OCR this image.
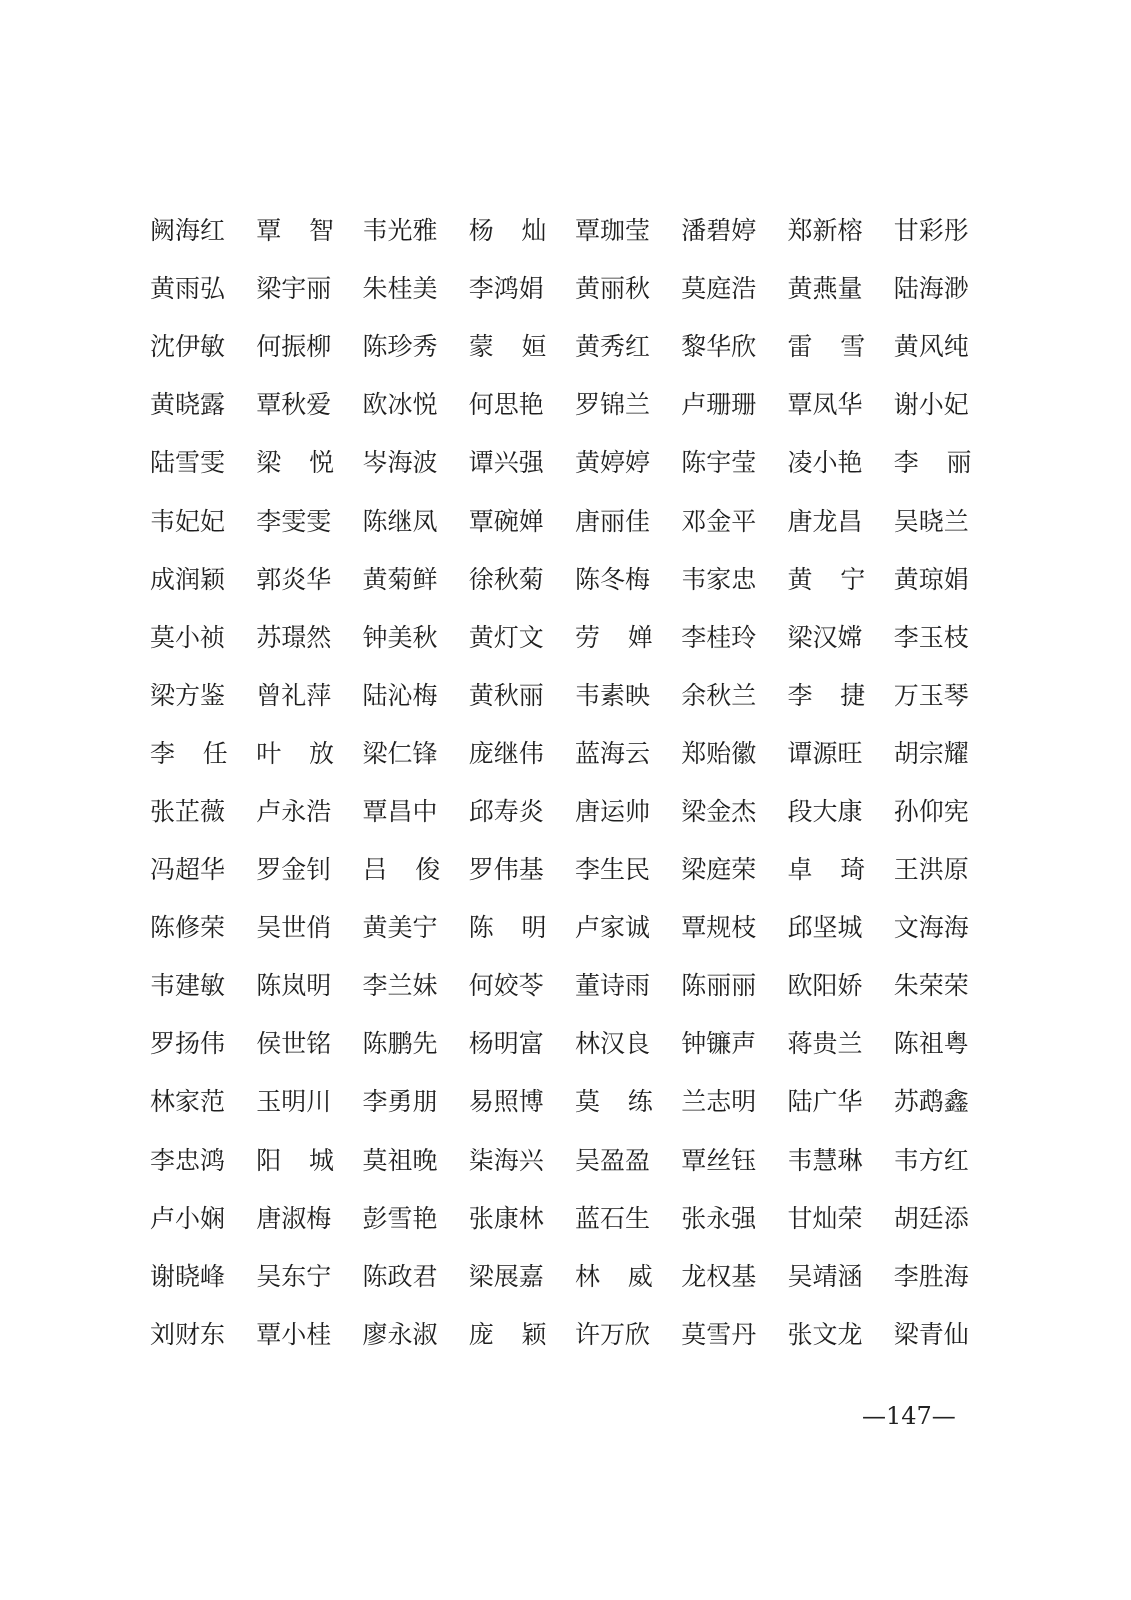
阙海红 覃 智 韦光雅 杨 灿 覃珈莹 潘碧婷 郑新榕 甘彩彤
黄雨弘 梁宇丽 朱桂美 李鸿娟 黄丽秋 莫庭浩 黄燕量 陆海渺
沈伊敏 何振柳 陈珍秀 蒙 姮 黄秀红 黎华欣 雷 雪 黄风纯
黄晓露 覃秋爱 欧冰悦 何思艳 罗锦兰 卢珊珊 覃凤华 谢小妃
陆雪雯 梁 悦 岑海波 谭兴强 黄婷婷 陈宇莹 凌小艳 李 丽
韦妃妃 李雯雯 陈继凤 覃碗婵 唐丽佳 邓金平 唐龙昌 吴晓兰
成润颖 郭炎华 黄菊鲜 徐秋菊 陈冬梅 韦家忠 黄 宁 黄琼娟
莫小祯 苏璟然 钟美秋 黄灯文 劳 婵 李桂玲 梁汉嫦 李玉枝
梁方鉴 曾礼萍 陆沁梅 黄秋丽 韦素映 余秋兰 李 捷 万玉琴
李 任 叶 放 梁仁锋 庞继伟 蓝海云 郑贻徽 谭源旺 胡宗耀
张芷薇 卢永浩 覃昌中 邱寿炎 唐运帅 梁金杰 段大康 孙仰宪
冯超华 罗金钊 吕 俊 罗伟基 李生民 梁庭荣 卓 琦 王洪原
陈修荣 吴世俏 黄美宁 陈 明 卢家诚 覃规枝 邱坚城 文海海
韦建敏 陈岚明 李兰妹 何姣苓 董诗雨 陈丽丽 欧阳娇 朱荣荣
罗扬伟 侯世铭 陈鹏先 杨明富 林汉良 钟镰声 蒋贵兰 陈祖粤
林家范 玉明川 李勇朋 易照博 莫 练 兰志明 陆广华 苏鹉鑫
李忠鸿 阳 城 莫祖晚 柒海兴 吴盈盈 覃丝钰 韦慧琳 韦方红
卢小娴 唐淑梅 彭雪艳 张康林 蓝石生 张永强 甘灿荣 胡廷添
谢晓峰 吴东宁 陈政君 梁展嘉 林 威 龙权基 吴靖涵 李胜海
刘财东 覃小桂 廖永淑 庞 颖 许万欣 莫雪丹 张文龙 梁青仙
—147—
